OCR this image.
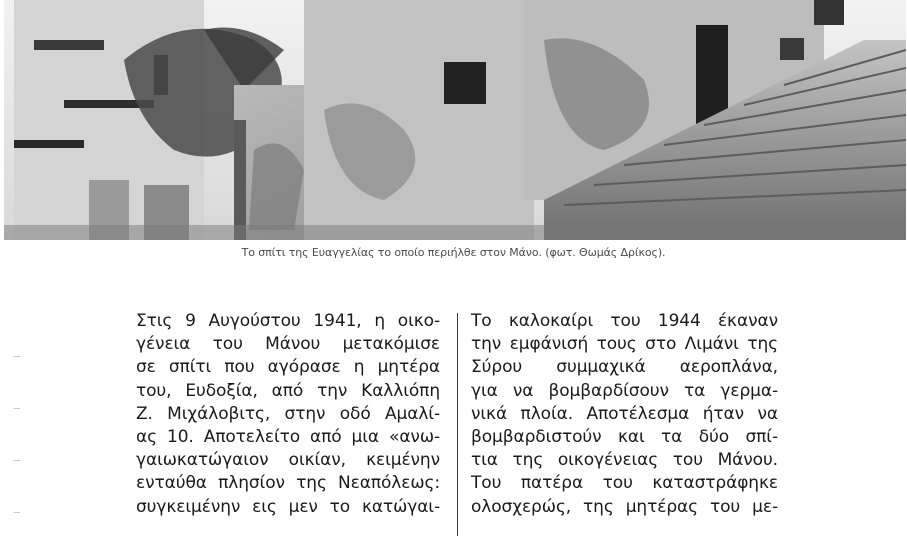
Το σπίτι της Ευαγγελίας το οποίο περιήλθε στον Μάνο. (φωτ. Θωμάς Δρίκος).
Στις 9 Αυγούστου 1941, η οικο-
γένεια του Μάνου μετακόμισε
σε σπίτι που αγόρασε η μητέρα
του, Ευδοξία, από την Καλλιόπη
Ζ. Μιχάλοβιτς, στην οδό Αμαλί-
ας 10. Αποτελείτο από μια «ανω-
γαιωκατώγαιον οικίαν, κειμένην
ενταύθα πλησίον της Νεαπόλεως:
συγκειμένην εις μεν το κατώγαι-
Το καλοκαίρι του 1944 έκαναν
την εμφάνισή τους στο Λιμάνι της
Σύρου συμμαχικά αεροπλάνα,
για να βομβαρδίσουν τα γερμα-
νικά πλοία. Αποτέλεσμα ήταν να
βομβαρδιστούν και τα δύο σπί-
τια της οικογένειας του Μάνου.
Του πατέρα του καταστράφηκε
ολοσχερώς, της μητέρας του με-
